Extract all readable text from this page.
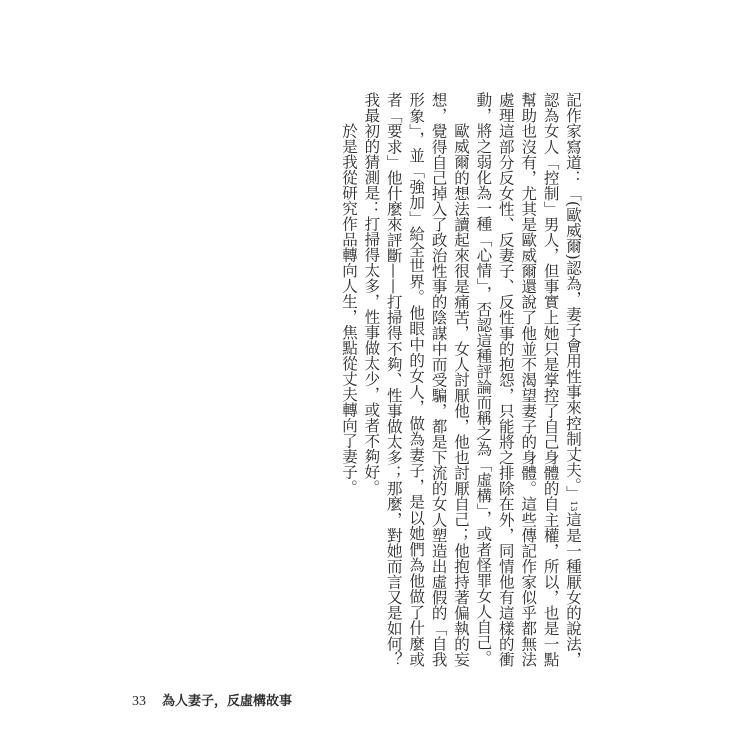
記作家寫道：「(歐威爾)認為，妻子會用性事來控制丈夫。」13這是一種厭女的說法，認為女人「控制」男人，但事實上她只是掌控了自己身體的自主權，所以，也是一點幫助也沒有，尤其是歐威爾還說了他並不渴望妻子的身體。這些傳記作家似乎都無法處理這部分反女性、反妻子、反性事的抱怨，只能將之排除在外，同情他有這樣的衝動，將之弱化為一種「心情」，否認這種評論而稱之為「虛構」，或者怪罪女人自己。

歐威爾的想法讀起來很是痛苦，女人討厭他，他也討厭自己；他抱持著偏執的妄想，覺得自己掉入了政治性事的陰謀中而受騙，都是下流的女人塑造出虛假的「自我形象」，並「強加」給全世界。他眼中的女人，做為妻子，是以她們為他做了什麼或者「要求」他什麼來評斷——打掃得不夠、性事做太多；那麼，對她而言又是如何？我最初的猜測是：打掃得太多，性事做太少，或者不夠好。

於是我從研究作品轉向人生，焦點從丈夫轉向了妻子。

33 為人妻子，反虛構故事
